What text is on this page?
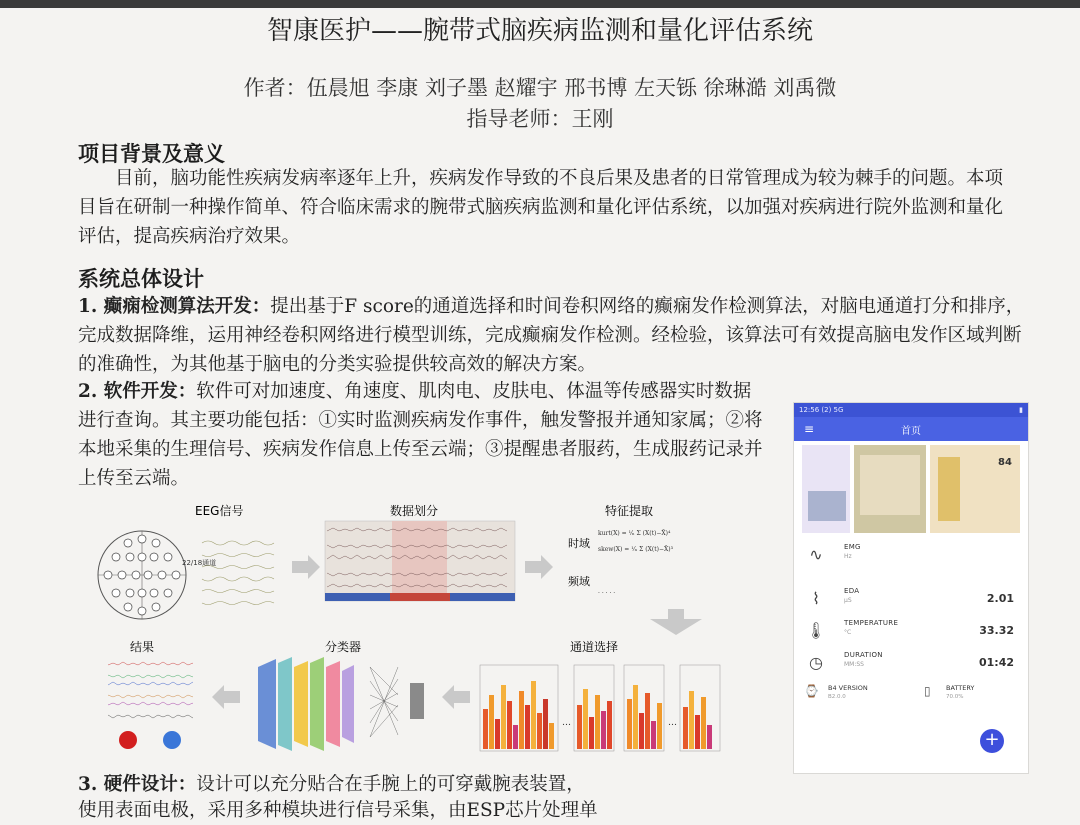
智康医护——腕带式脑疾病监测和量化评估系统
作者：伍晨旭 李康 刘子墨 赵耀宇 邢书博 左天铄 徐琳澔 刘禹微
指导老师：王刚
项目背景及意义
目前，脑功能性疾病发病率逐年上升，疾病发作导致的不良后果及患者的日常管理成为较为棘手的问题。本项目旨在研制一种操作简单、符合临床需求的腕带式脑疾病监测和量化评估系统，以加强对疾病进行院外监测和量化评估，提高疾病治疗效果。
系统总体设计
1. 癫痫检测算法开发：提出基于F score的通道选择和时间卷积网络的癫痫发作检测算法，对脑电通道打分和排序，完成数据降维，运用神经卷积网络进行模型训练，完成癫痫发作检测。经检验，该算法可有效提高脑电发作区域判断的准确性，为其他基于脑电的分类实验提供较高效的解决方案。
2. 软件开发：软件可对加速度、角速度、肌肉电、皮肤电、体温等传感器实时数据进行查询。其主要功能包括：①实时监测疾病发作事件，触发警报并通知家属；②将本地采集的生理信号、疾病发作信息上传至云端；③提醒患者服药，生成服药记录并上传至云端。
EEG信号
22/18通道
数据划分	特征提取
时域
频域
kurt(X) = ¹⁄ₙ Σ (X(t)−X̄)⁴
skew(X) = ¹⁄ₙ Σ (X(t)−X̄)³
· · · · ·
通道选择
…	…
分类器
结果
12:56 (2) 5G	▮
≡	首页
84
∿	EMG
Hz
⌇	EDA
μS	2.01
🌡	TEMPERATURE
°C	33.32
◷	DURATION
MM:SS	01:42
⌚ B4 VERSION
B2.0.0	▯ BATTERY
70.0%
+
3. 硬件设计：设计可以充分贴合在手腕上的可穿戴腕表装置，
使用表面电极，采用多种模块进行信号采集，由ESP芯片处理单
